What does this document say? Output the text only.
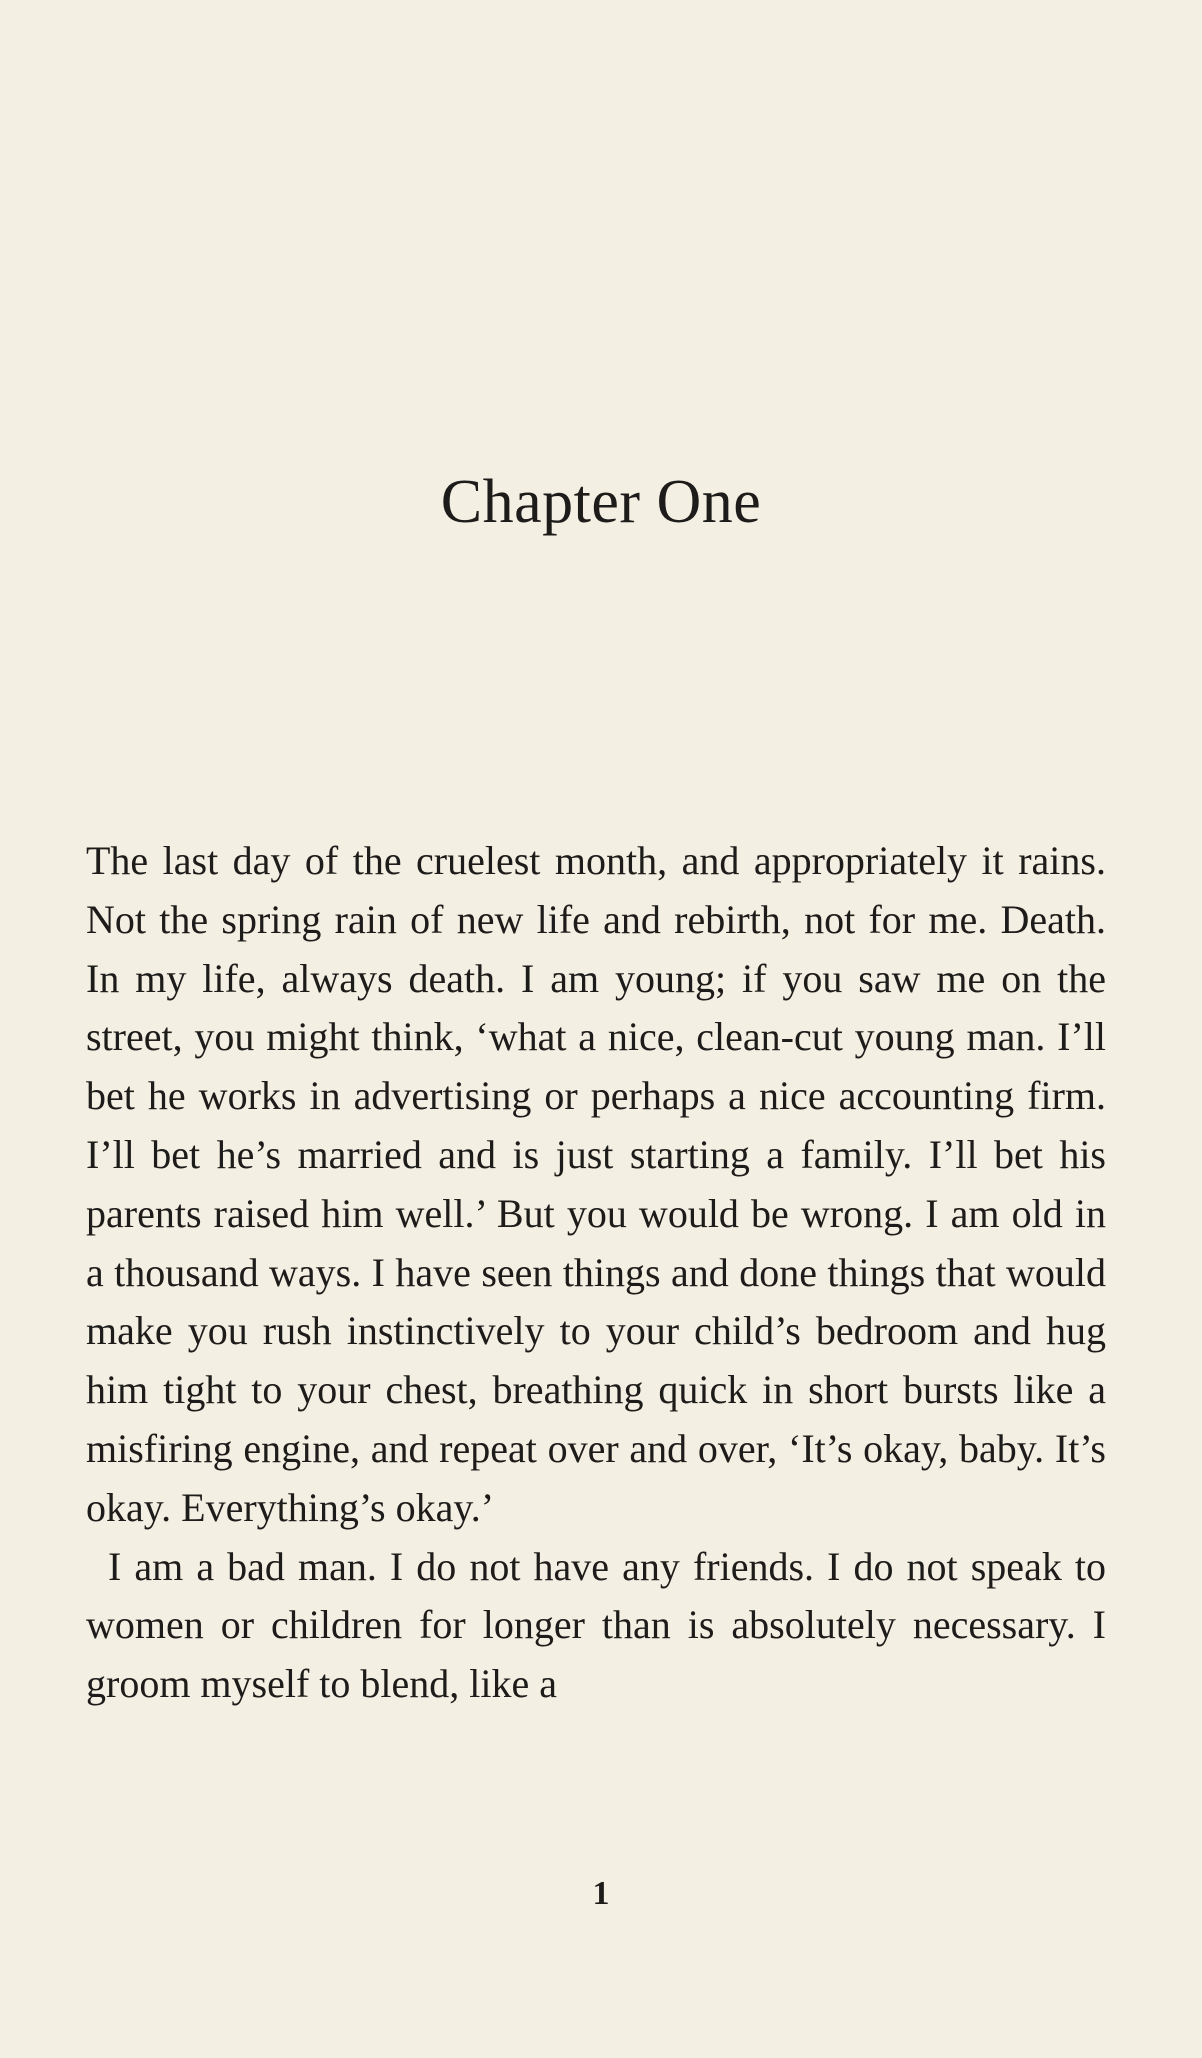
Chapter One

The last day of the cruelest month, and appropriately it rains. Not the spring rain of new life and rebirth, not for me. Death. In my life, always death. I am young; if you saw me on the street, you might think, ‘what a nice, clean-cut young man. I’ll bet he works in advertising or perhaps a nice accounting firm. I’ll bet he’s married and is just starting a family. I’ll bet his parents raised him well.’ But you would be wrong. I am old in a thousand ways. I have seen things and done things that would make you rush instinctively to your child’s bedroom and hug him tight to your chest, breathing quick in short bursts like a misfiring engine, and repeat over and over, ‘It’s okay, baby. It’s okay. Everything’s okay.’

I am a bad man. I do not have any friends. I do not speak to women or children for longer than is absolutely necessary. I groom myself to blend, like a

1
